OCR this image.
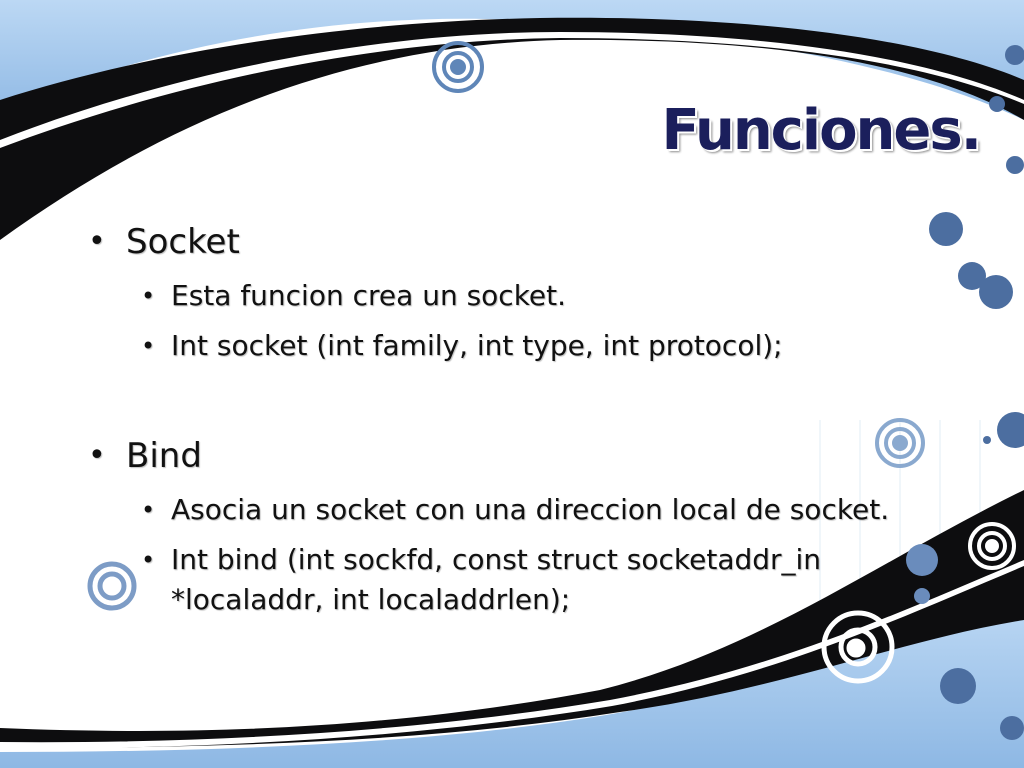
Funciones.
• Socket
• Esta funcion crea un socket.
• Int socket (int family, int type, int protocol);
• Bind
• Asocia un socket con una direccion local de socket.
• Int bind (int sockfd, const struct socketaddr_in
*localaddr, int localaddrlen);
